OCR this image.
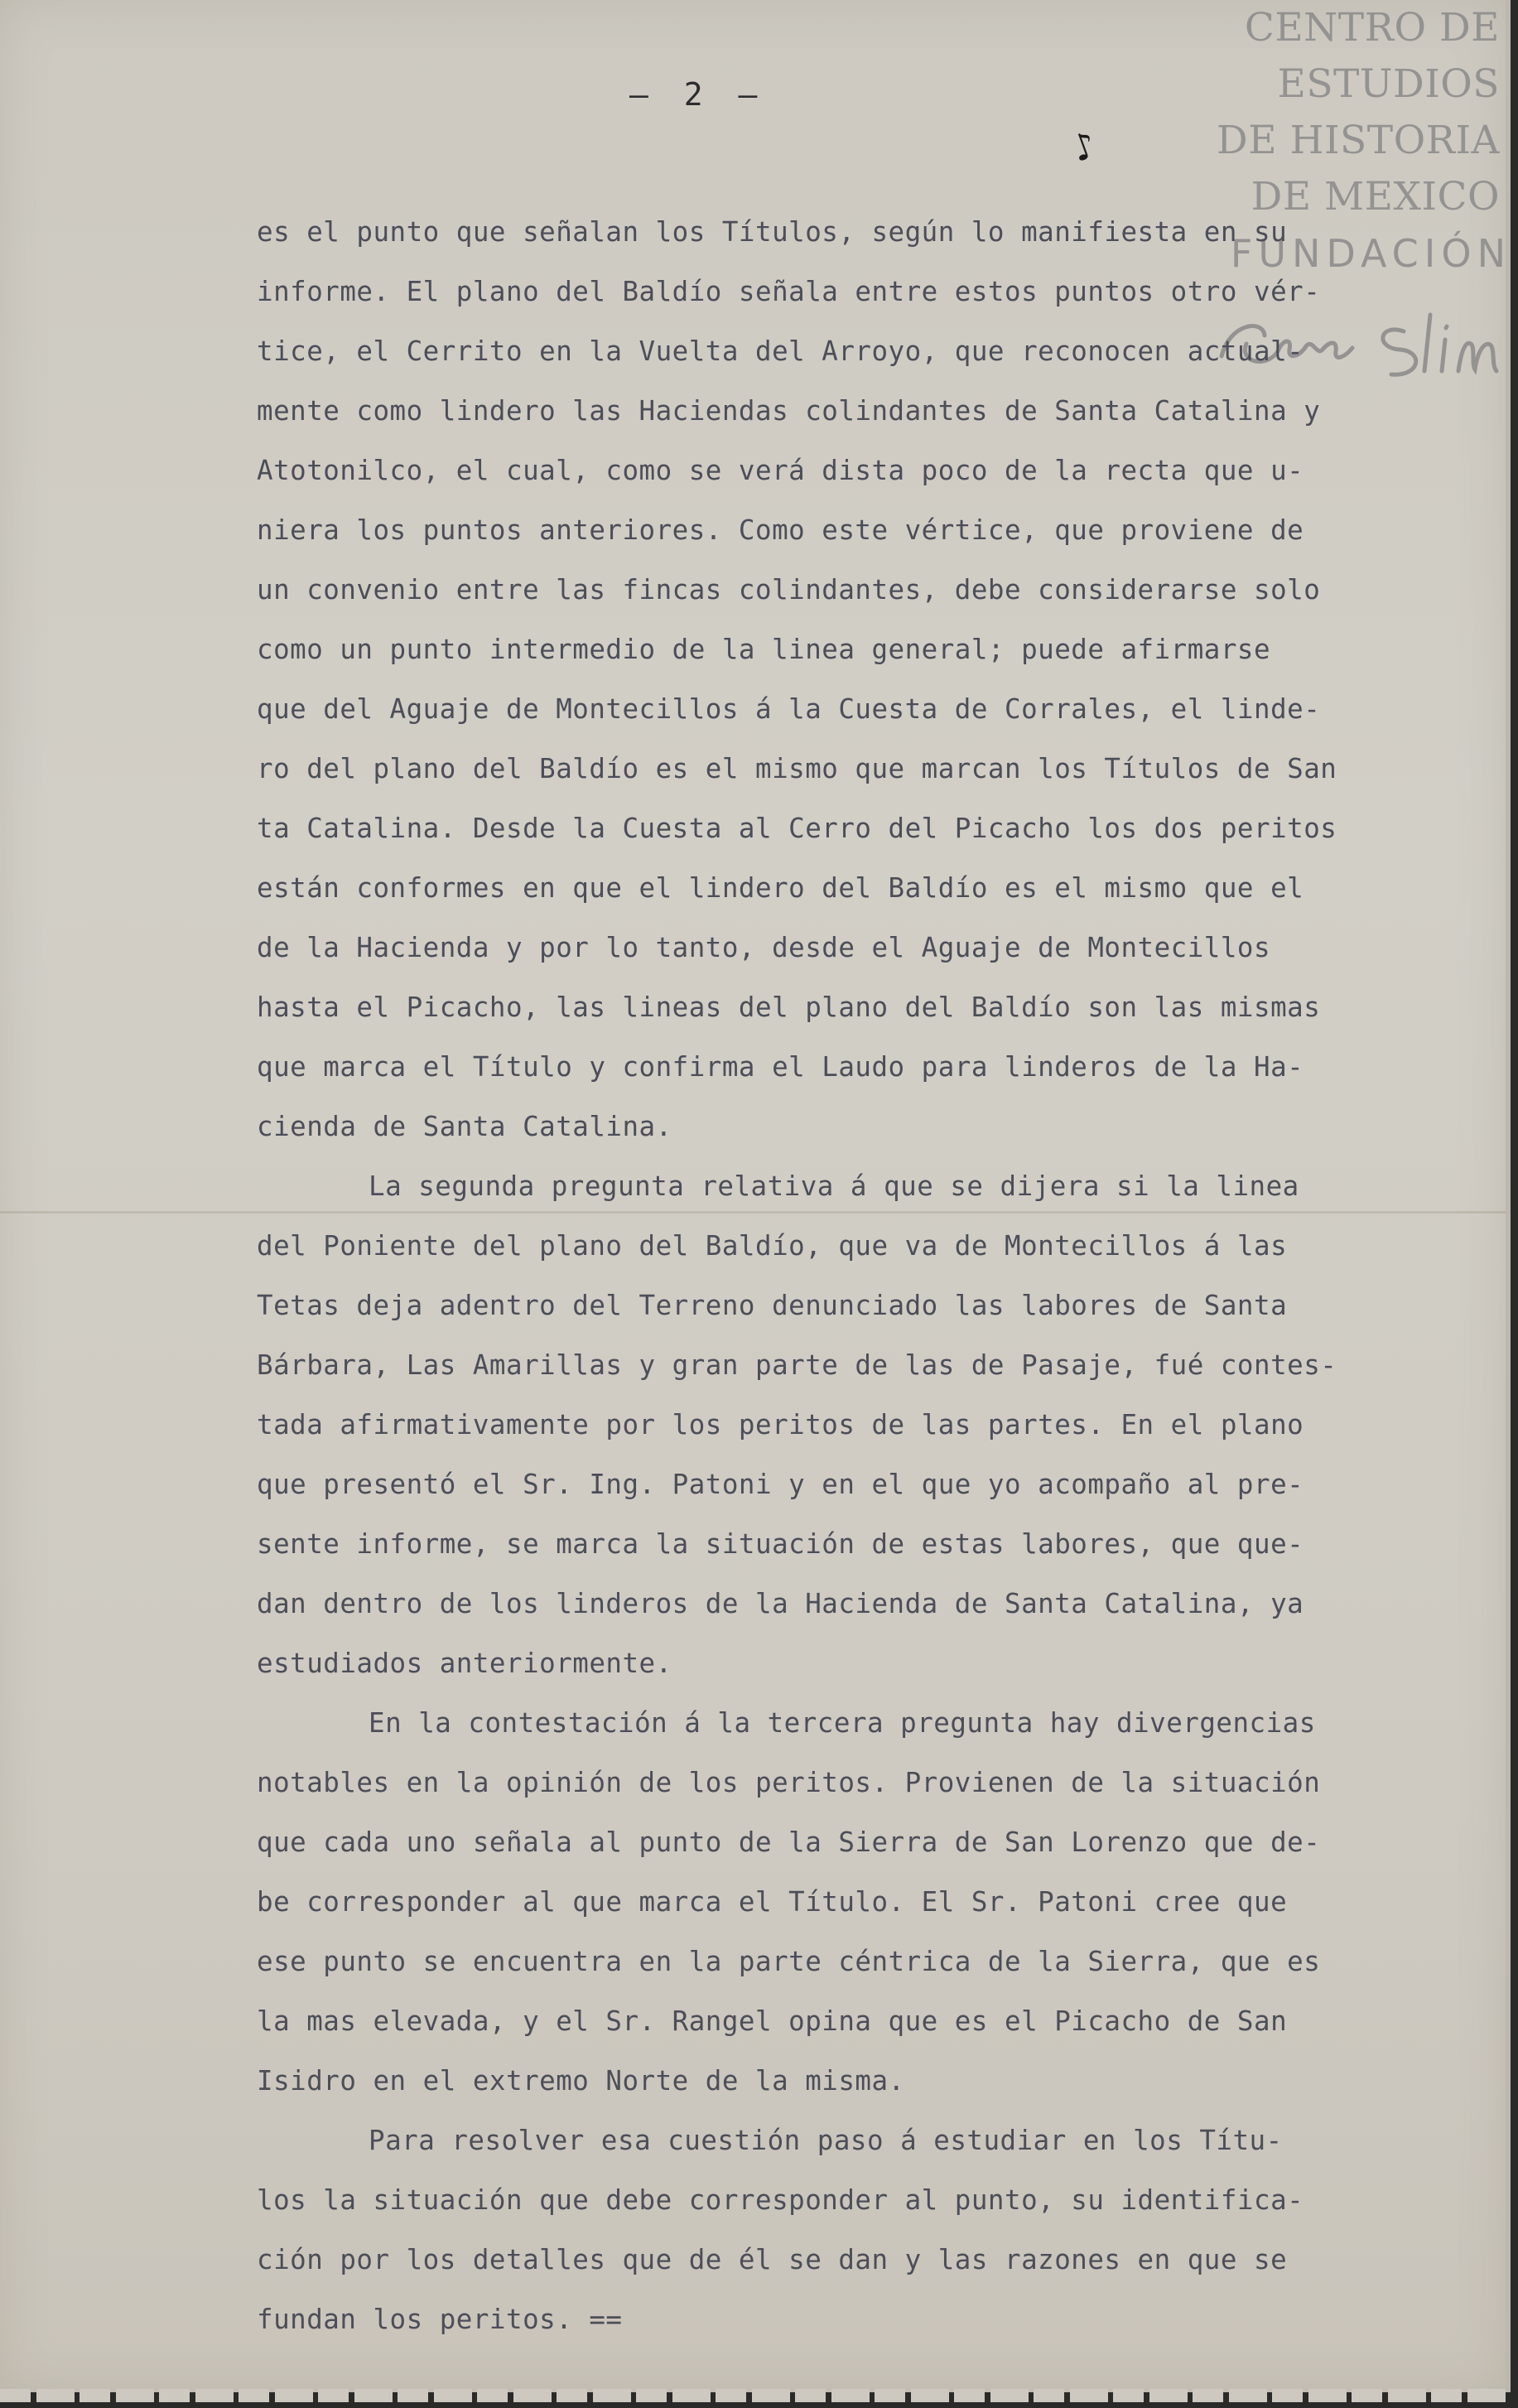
— 2 —
♪
CENTRO DE
ESTUDIOS
DE HISTORIA
DE MEXICO
FUNDACIÓN
es el punto que señalan los Títulos, según lo manifiesta en su
informe. El plano del Baldío señala entre estos puntos otro vér-
tice, el Cerrito en la Vuelta del Arroyo, que reconocen actual-
mente como lindero las Haciendas colindantes de Santa Catalina y
Atotonilco, el cual, como se verá dista poco de la recta que u-
niera los puntos anteriores. Como este vértice, que proviene de
un convenio entre las fincas colindantes, debe considerarse solo
como un punto intermedio de la linea general; puede afirmarse
que del Aguaje de Montecillos á la Cuesta de Corrales, el linde-
ro del plano del Baldío es el mismo que marcan los Títulos de San
ta Catalina. Desde la Cuesta al Cerro del Picacho los dos peritos
están conformes en que el lindero del Baldío es el mismo que el
de la Hacienda y por lo tanto, desde el Aguaje de Montecillos
hasta el Picacho, las lineas del plano del Baldío son las mismas
que marca el Título y confirma el Laudo para linderos de la Ha-
cienda de Santa Catalina.
La segunda pregunta relativa á que se dijera si la linea
del Poniente del plano del Baldío, que va de Montecillos á las
Tetas deja adentro del Terreno denunciado las labores de Santa
Bárbara, Las Amarillas y gran parte de las de Pasaje, fué contes-
tada afirmativamente por los peritos de las partes. En el plano
que presentó el Sr. Ing. Patoni y en el que yo acompaño al pre-
sente informe, se marca la situación de estas labores, que que-
dan dentro de los linderos de la Hacienda de Santa Catalina, ya
estudiados anteriormente.
En la contestación á la tercera pregunta hay divergencias
notables en la opinión de los peritos. Provienen de la situación
que cada uno señala al punto de la Sierra de San Lorenzo que de-
be corresponder al que marca el Título. El Sr. Patoni cree que
ese punto se encuentra en la parte céntrica de la Sierra, que es
la mas elevada, y el Sr. Rangel opina que es el Picacho de San
Isidro en el extremo Norte de la misma.
Para resolver esa cuestión paso á estudiar en los Títu-
los la situación que debe corresponder al punto, su identifica-
ción por los detalles que de él se dan y las razones en que se
fundan los peritos. ==
